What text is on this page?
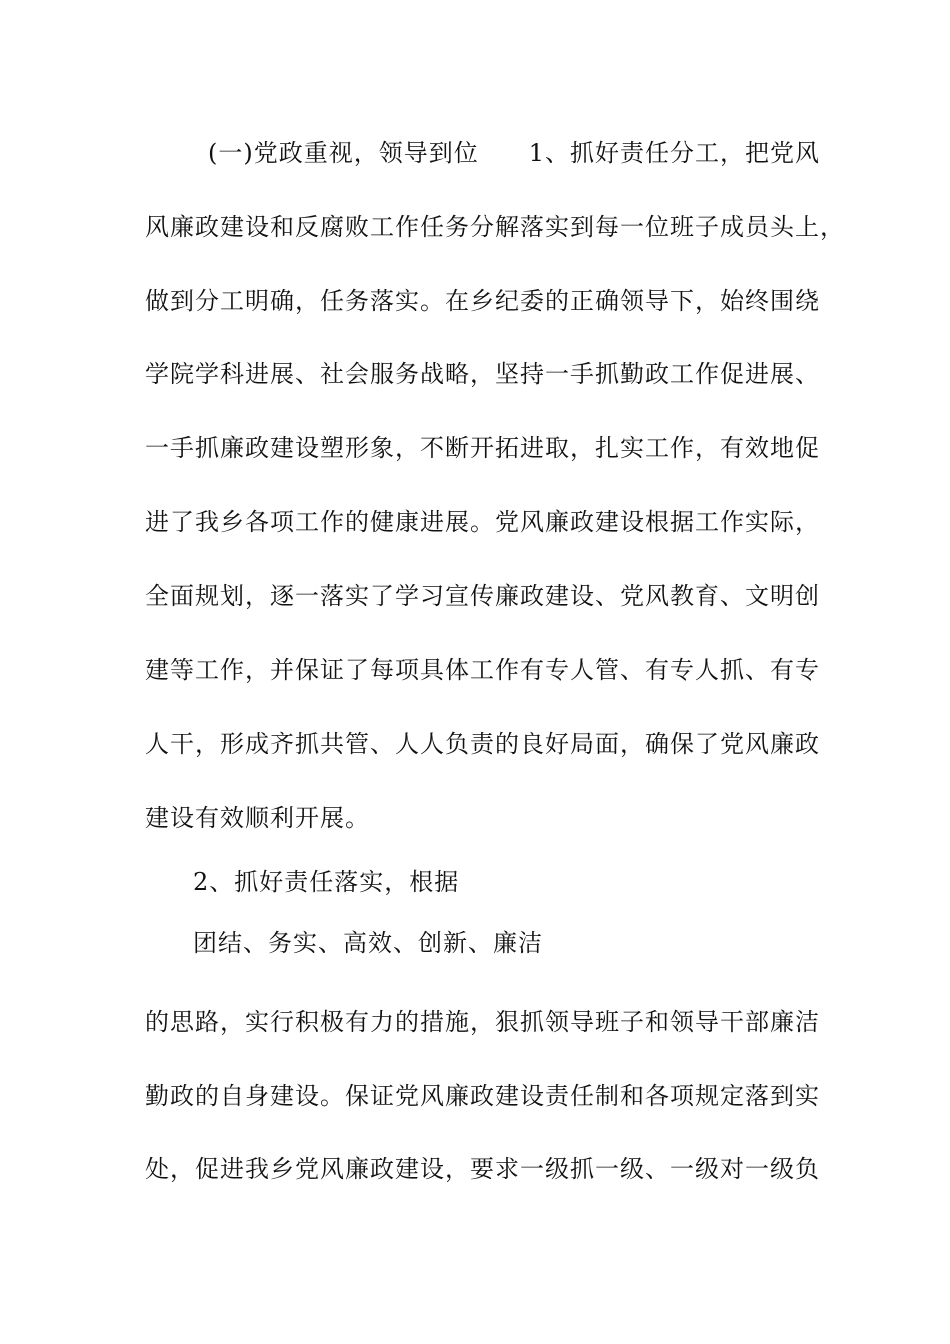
(一)党政重视，领导到位　　1、抓好责任分工，把党风
风廉政建设和反腐败工作任务分解落实到每一位班子成员头上，
做到分工明确，任务落实。在乡纪委的正确领导下，始终围绕
学院学科进展、社会服务战略，坚持一手抓勤政工作促进展、
一手抓廉政建设塑形象，不断开拓进取，扎实工作，有效地促
进了我乡各项工作的健康进展。党风廉政建设根据工作实际，
全面规划，逐一落实了学习宣传廉政建设、党风教育、文明创
建等工作，并保证了每项具体工作有专人管、有专人抓、有专
人干，形成齐抓共管、人人负责的良好局面，确保了党风廉政
建设有效顺利开展。
2、抓好责任落实，根据
团结、务实、高效、创新、廉洁
的思路，实行积极有力的措施，狠抓领导班子和领导干部廉洁
勤政的自身建设。保证党风廉政建设责任制和各项规定落到实
处，促进我乡党风廉政建设，要求一级抓一级、一级对一级负
